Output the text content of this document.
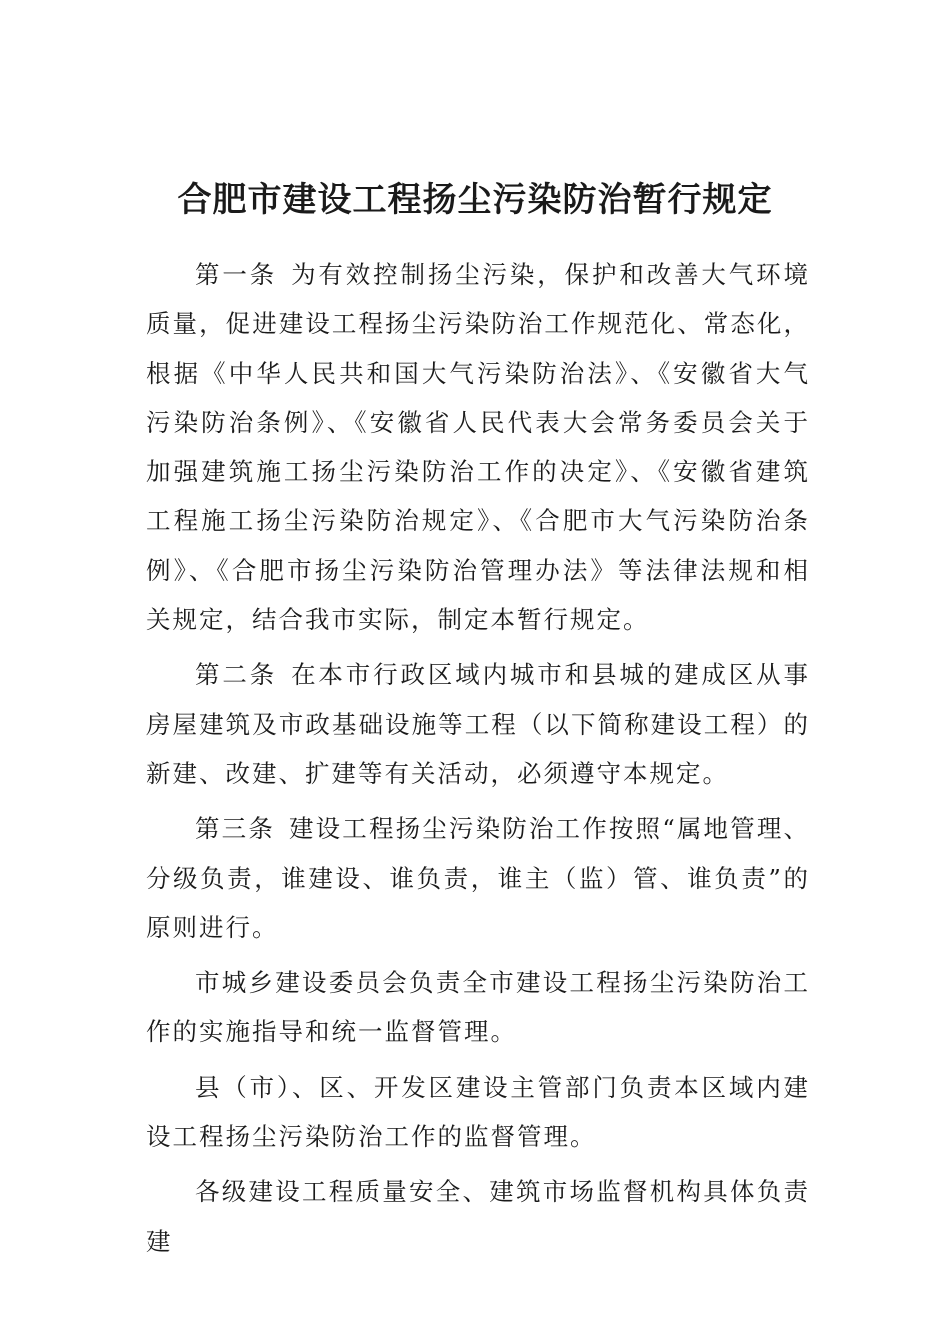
合肥市建设工程扬尘污染防治暂行规定

第一条 为有效控制扬尘污染，保护和改善大气环境质量，促进建设工程扬尘污染防治工作规范化、常态化，根据《中华人民共和国大气污染防治法》、《安徽省大气污染防治条例》、《安徽省人民代表大会常务委员会关于加强建筑施工扬尘污染防治工作的决定》、《安徽省建筑工程施工扬尘污染防治规定》、《合肥市大气污染防治条例》、《合肥市扬尘污染防治管理办法》等法律法规和相关规定，结合我市实际，制定本暂行规定。

第二条 在本市行政区域内城市和县城的建成区从事房屋建筑及市政基础设施等工程（以下简称建设工程）的新建、改建、扩建等有关活动，必须遵守本规定。

第三条 建设工程扬尘污染防治工作按照“属地管理、分级负责，谁建设、谁负责，谁主（监）管、谁负责”的原则进行。

市城乡建设委员会负责全市建设工程扬尘污染防治工作的实施指导和统一监督管理。

县（市）、区、开发区建设主管部门负责本区域内建设工程扬尘污染防治工作的监督管理。

各级建设工程质量安全、建筑市场监督机构具体负责建
